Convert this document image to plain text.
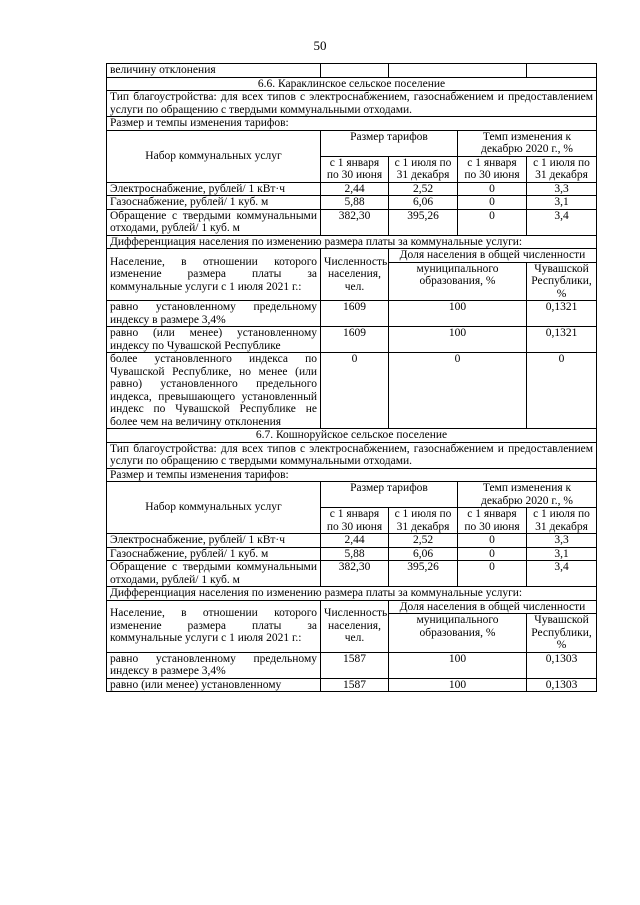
50
величину отклонения				
6.6. Караклинское сельское поселение				
Тип благоустройства: для всех типов с электроснабжением, газоснабжением и предоставлением услуги по обращению с твердыми коммунальными отходами.				
Размер и темпы изменения тарифов:				
Набор коммунальных услуг	Размер тарифов		Темп изменения к декабрю 2020 г., %	
	с 1 января по 30 июня	с 1 июля по 31 декабря	с 1 января по 30 июня	с 1 июля по 31 декабря
Электроснабжение, рублей/ 1 кВт·ч	2,44	2,52	0	3,3
Газоснабжение, рублей/ 1 куб. м	5,88	6,06	0	3,1
Обращение с твердыми коммунальными отходами, рублей/ 1 куб. м	382,30	395,26	0	3,4
Дифференциация населения по изменению размера платы за коммунальные услуги:				
Население, в отношении которого изменение размера платы за коммунальные услуги с 1 июля 2021 г.:	Численность населения, чел.	Доля населения в общей численности		
		муниципального образования, %		Чувашской Республики, %
равно установленному предельному индексу в размере 3,4%	1609	100		0,1321
равно (или менее) установленному индексу по Чувашской Республике	1609	100		0,1321
более установленного индекса по Чувашской Республике, но менее (или равно) установленного предельного индекса, превышающего установленный индекс по Чувашской Республике не более чем на величину отклонения	0	0		0
6.7. Кошноруйское сельское поселение				
Тип благоустройства: для всех типов с электроснабжением, газоснабжением и предоставлением услуги по обращению с твердыми коммунальными отходами.				
Размер и темпы изменения тарифов:				
Набор коммунальных услуг	Размер тарифов		Темп изменения к декабрю 2020 г., %	
	с 1 января по 30 июня	с 1 июля по 31 декабря	с 1 января по 30 июня	с 1 июля по 31 декабря
Электроснабжение, рублей/ 1 кВт·ч	2,44	2,52	0	3,3
Газоснабжение, рублей/ 1 куб. м	5,88	6,06	0	3,1
Обращение с твердыми коммунальными отходами, рублей/ 1 куб. м	382,30	395,26	0	3,4
Дифференциация населения по изменению размера платы за коммунальные услуги:				
Население, в отношении которого изменение размера платы за коммунальные услуги с 1 июля 2021 г.:	Численность населения, чел.	Доля населения в общей численности		
		муниципального образования, %		Чувашской Республики, %
равно установленному предельному индексу в размере 3,4%	1587	100		0,1303
равно (или менее) установленному	1587	100		0,1303
